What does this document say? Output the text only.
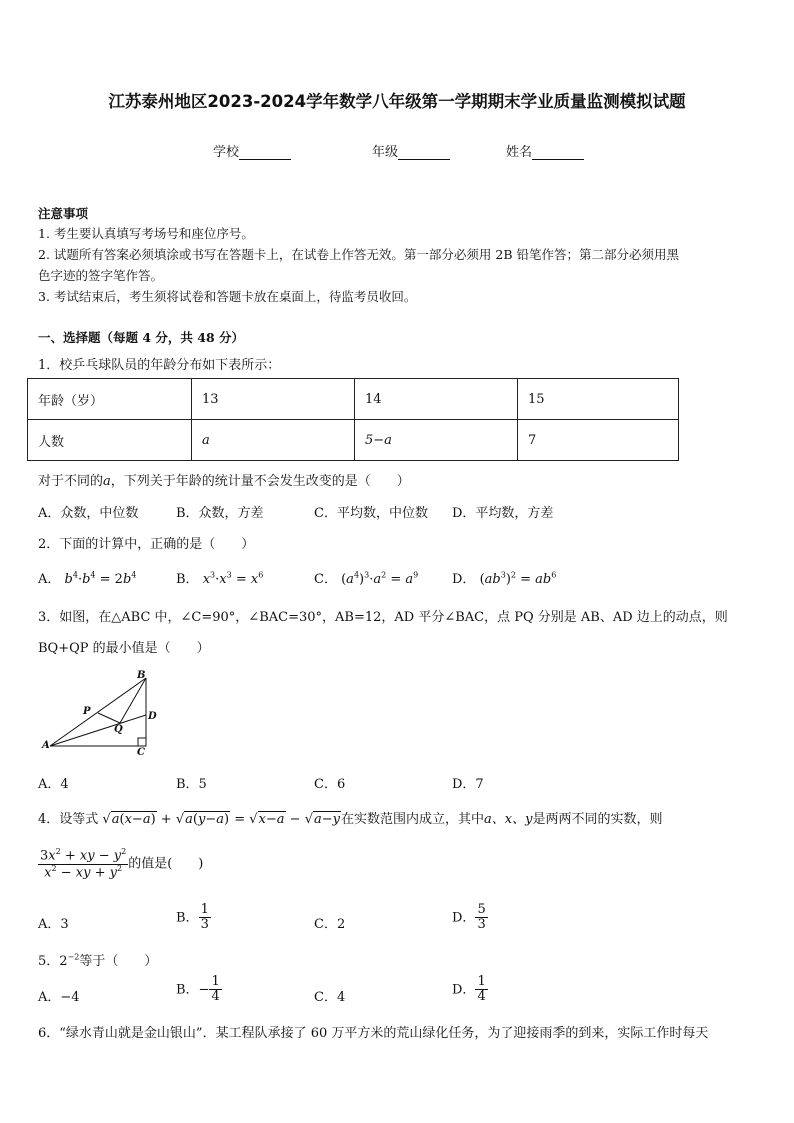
江苏泰州地区2023-2024学年数学八年级第一学期期末学业质量监测模拟试题
学校	年级	姓名
注意事项
1. 考生要认真填写考场号和座位序号。
2. 试题所有答案必须填涂或书写在答题卡上，在试卷上作答无效。第一部分必须用 2B 铅笔作答；第二部分必须用黑
色字迹的签字笔作答。
3. 考试结束后，考生须将试卷和答题卡放在桌面上，待监考员收回。
一、选择题（每题 4 分，共 48 分）
1．校乒乓球队员的年龄分布如下表所示：
年龄（岁）	13	14	15
人数	a	5−a	7
对于不同的a，下列关于年龄的统计量不会发生改变的是（　　）
A．众数，中位数	B．众数，方差	C．平均数，中位数 D．平均数，方差
2．下面的计算中，正确的是（　　）
A． $b^4\cdot b^4 = 2b^4$	B． $x^3\cdot x^3 = x^6$	C． $(a^4)^3\cdot a^2 = a^9$	D． $(ab^3)^2 = ab^6$
3．如图，在△ABC 中，∠C=90°，∠BAC=30°，AB=12，AD 平分∠BAC，点 PQ 分别是 AB、AD 边上的动点，则
BQ+QP 的最小值是（　　）
B
D
A
C
P
Q
A．4	B．5	C．6	D．7
4．设等式 √a(x−a) + √a(y−a) = √x−a − √a−y在实数范围内成立，其中a、x、y是两两不同的实数，则
$\frac{3x^2 + xy - y^2}{x^2 - xy + y^2}$ 的值是(　　)
A．3	B． $\frac{1}{3}$	C．2	D． $\frac{5}{3}$
5．$2^{-2}$等于（　　）
A．−4
B．− $\frac{1}{4}$	C．4
D． $\frac{1}{4}$
6．“绿水青山就是金山银山”．某工程队承接了 60 万平方米的荒山绿化任务，为了迎接雨季的到来，实际工作时每天
